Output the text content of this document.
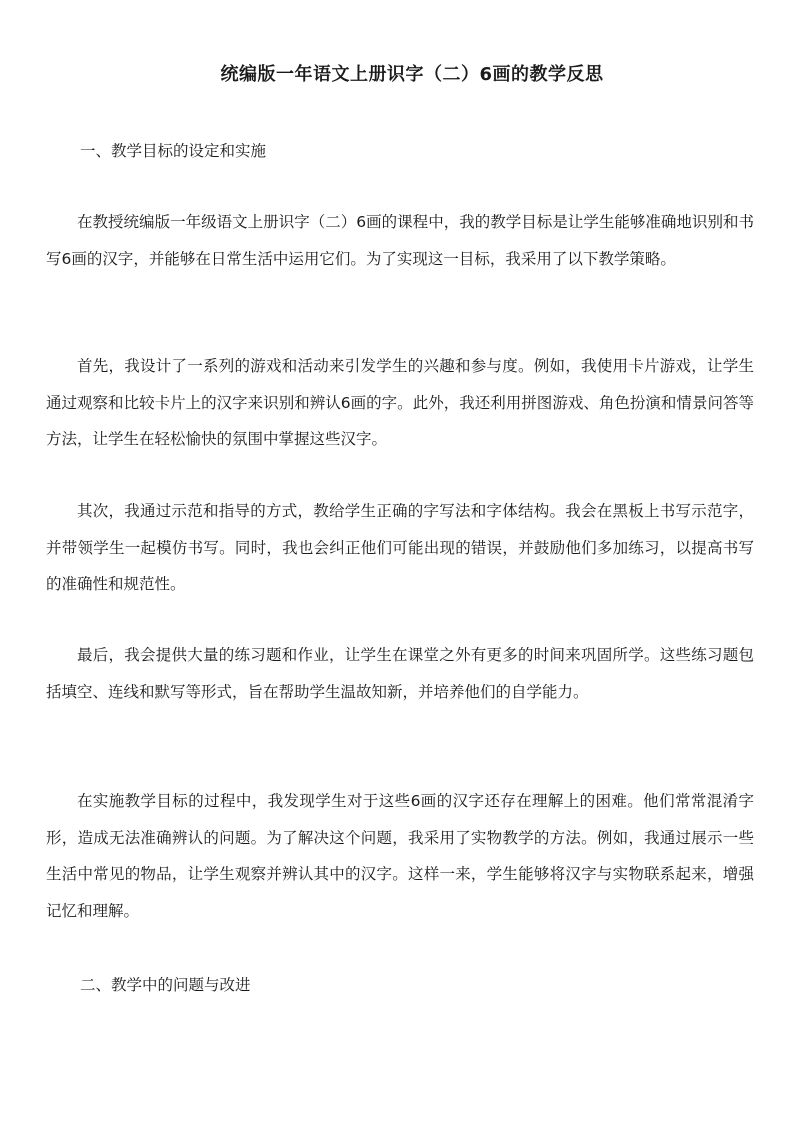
统编版一年语文上册识字（二）6画的教学反思
一、教学目标的设定和实施
在教授统编版一年级语文上册识字（二）6画的课程中，我的教学目标是让学生能够准确地识别和书写6画的汉字，并能够在日常生活中运用它们。为了实现这一目标，我采用了以下教学策略。
首先，我设计了一系列的游戏和活动来引发学生的兴趣和参与度。例如，我使用卡片游戏，让学生通过观察和比较卡片上的汉字来识别和辨认6画的字。此外，我还利用拼图游戏、角色扮演和情景问答等方法，让学生在轻松愉快的氛围中掌握这些汉字。
其次，我通过示范和指导的方式，教给学生正确的字写法和字体结构。我会在黑板上书写示范字，并带领学生一起模仿书写。同时，我也会纠正他们可能出现的错误，并鼓励他们多加练习，以提高书写的准确性和规范性。
最后，我会提供大量的练习题和作业，让学生在课堂之外有更多的时间来巩固所学。这些练习题包括填空、连线和默写等形式，旨在帮助学生温故知新，并培养他们的自学能力。
在实施教学目标的过程中，我发现学生对于这些6画的汉字还存在理解上的困难。他们常常混淆字形，造成无法准确辨认的问题。为了解决这个问题，我采用了实物教学的方法。例如，我通过展示一些生活中常见的物品，让学生观察并辨认其中的汉字。这样一来，学生能够将汉字与实物联系起来，增强记忆和理解。
二、教学中的问题与改进
